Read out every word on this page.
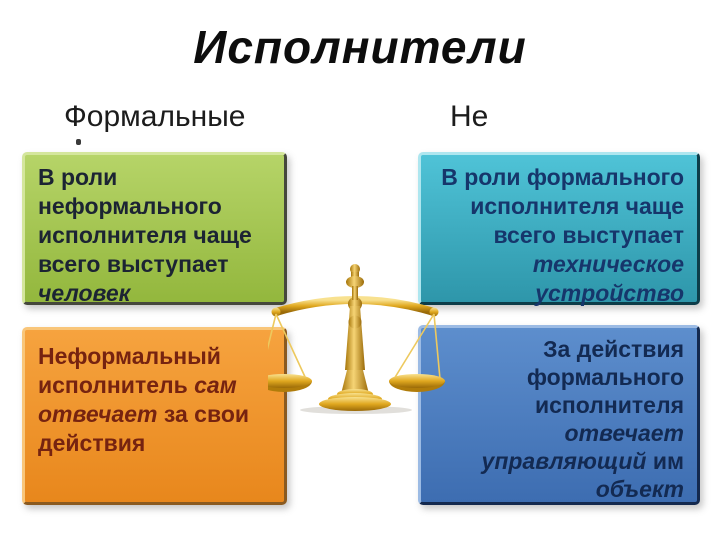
Исполнители
Формальные	Не
В роли
неформального
исполнителя чаще
всего выступает
человек
В роли формального
исполнителя чаще
всего выступает
техническое
устройство
Неформальный
исполнитель сам
отвечает за свои
действия
За действия
формального
исполнителя
отвечает
управляющий им
объект
